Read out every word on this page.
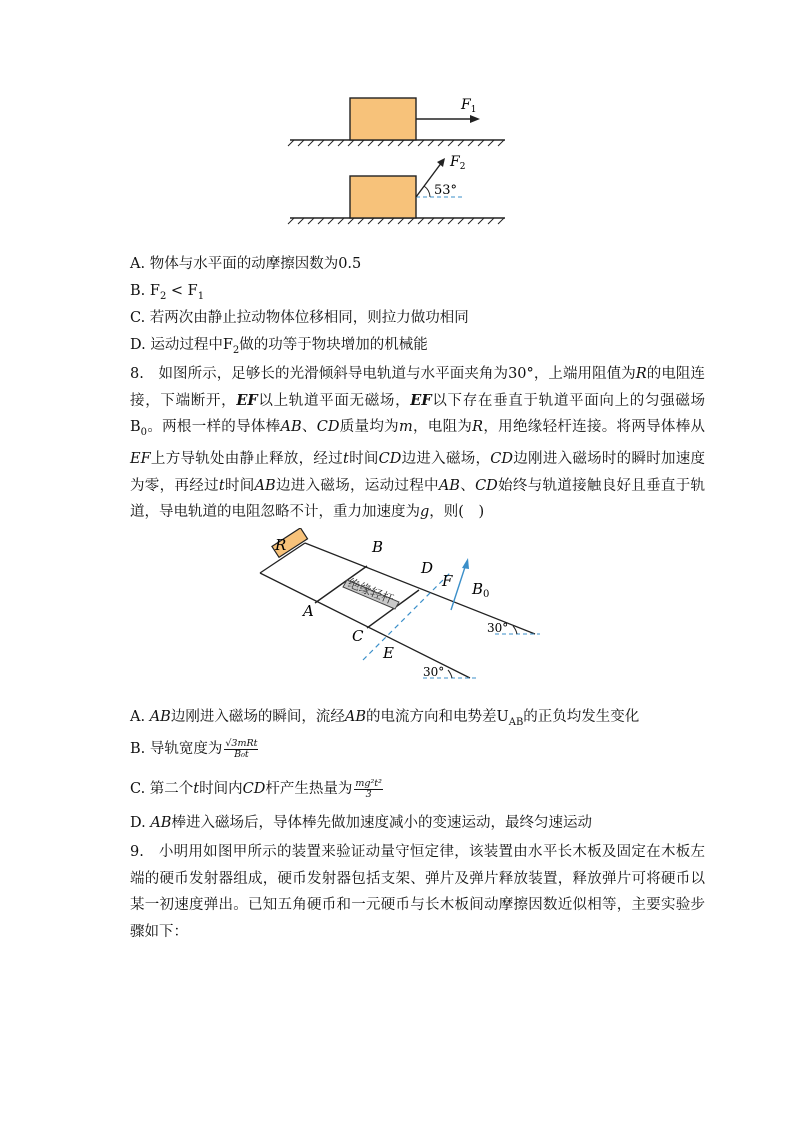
$F_1$
$F_2$
53°
A. 物体与水平面的动摩擦因数为0.5
B. $F_2 < F_1$
C. 若两次由静止拉动物体位移相同，则拉力做功相同
D. 运动过程中$F_2$做的功等于物块增加的机械能
8.　如图所示，足够长的光滑倾斜导电轨道与水平面夹角为30°，上端用阻值为R的电阻连接，下端断开，EF以上轨道平面无磁场，EF以下存在垂直于轨道平面向上的匀强磁场$B_0$。两根一样的导体棒AB、CD质量均为m，电阻为R，用绝缘轻杆连接。将两导体棒从EF上方导轨处由静止释放，经过t时间CD边进入磁场，CD边刚进入磁场时的瞬时加速度为零，再经过t时间AB边进入磁场，运动过程中AB、CD始终与轨道接触良好且垂直于轨道，导电轨道的电阻忽略不计，重力加速度为g，则(　)
绝缘轻杆
R	B
A
C
D
F
E
$B_0$
30°
30°
A. AB边刚进入磁场的瞬间，流经AB的电流方向和电势差$U_{AB}$的正负均发生变化
B. 导轨宽度为 $\frac{\text{√3mRt}}{\text{B₀t}}$
C. 第二个t时间内CD杆产生热量为 $\frac{\text{mg²t²}}{3}$
D. AB棒进入磁场后，导体棒先做加速度减小的变速运动，最终匀速运动
9.　小明用如图甲所示的装置来验证动量守恒定律，该装置由水平长木板及固定在木板左端的硬币发射器组成，硬币发射器包括支架、弹片及弹片释放装置，释放弹片可将硬币以某一初速度弹出。已知五角硬币和一元硬币与长木板间动摩擦因数近似相等，主要实验步骤如下：
